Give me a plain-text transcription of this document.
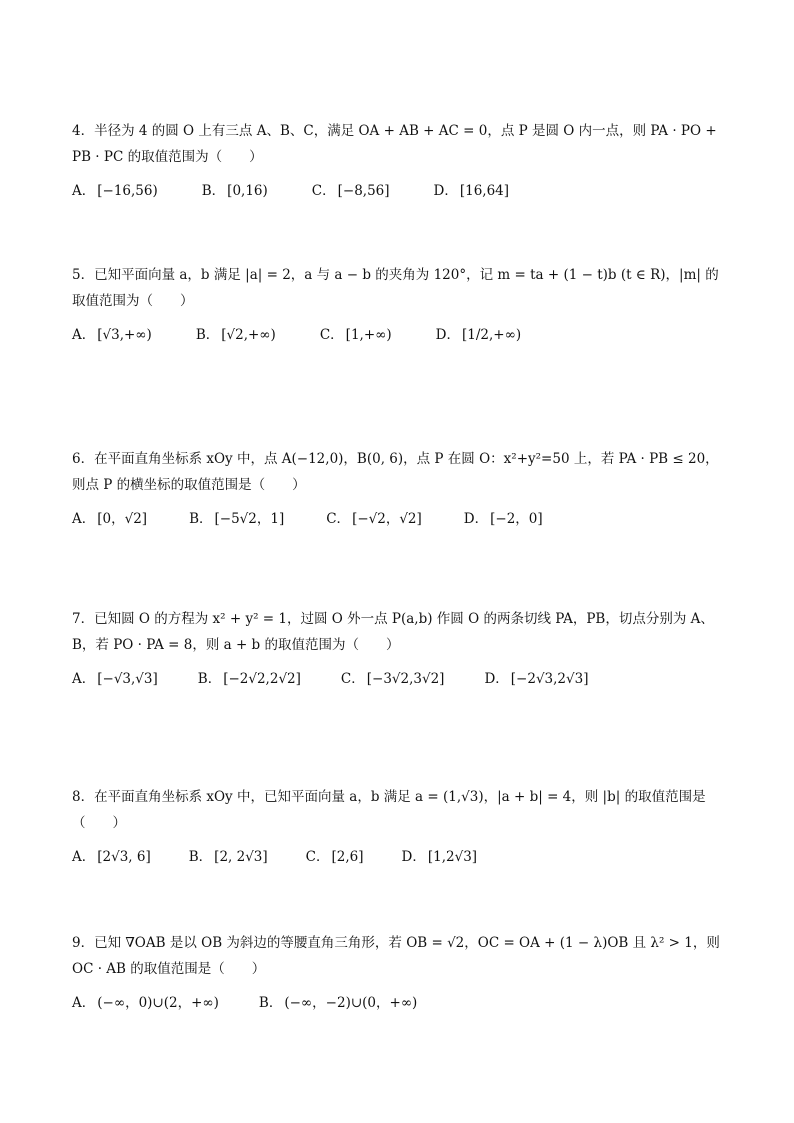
4．半径为 4 的圆 O 上有三点 A、B、C，满足 OA + AB + AC = 0，点 P 是圆 O 内一点，则 PA · PO + PB · PC 的取值范围为（　　）
A． [−16,56)	B． [0,16)	C． [−8,56]	D． [16,64]
5．已知平面向量 a，b 满足 |a| = 2，a 与 a − b 的夹角为 120°，记 m = ta + (1 − t)b (t ∈ R)，|m| 的取值范围为（　　）
A． [√3,+∞)	B． [√2,+∞)	C． [1,+∞)	D． [1/2,+∞)
6．在平面直角坐标系 xOy 中，点 A(−12,0)，B(0, 6)，点 P 在圆 O：x²+y²=50 上，若 PA · PB ≤ 20，则点 P 的横坐标的取值范围是（　　）
A． [0，√2]	B． [−5√2，1]	C． [−√2，√2]	D． [−2，0]
7．已知圆 O 的方程为 x² + y² = 1，过圆 O 外一点 P(a,b) 作圆 O 的两条切线 PA，PB，切点分别为 A、B，若 PO · PA = 8，则 a + b 的取值范围为（　　）
A． [−√3,√3]	B． [−2√2,2√2]	C． [−3√2,3√2]	D． [−2√3,2√3]
8．在平面直角坐标系 xOy 中，已知平面向量 a，b 满足 a = (1,√3)，|a + b| = 4，则 |b| 的取值范围是（　　）
A． [2√3, 6]	B． [2, 2√3]	C． [2,6]	D． [1,2√3]
9．已知 ∇OAB 是以 OB 为斜边的等腰直角三角形，若 OB = √2，OC = OA + (1 − λ)OB 且 λ² > 1，则 OC · AB 的取值范围是（　　）
A． (−∞，0)∪(2，+∞)	B． (−∞，−2)∪(0，+∞)
